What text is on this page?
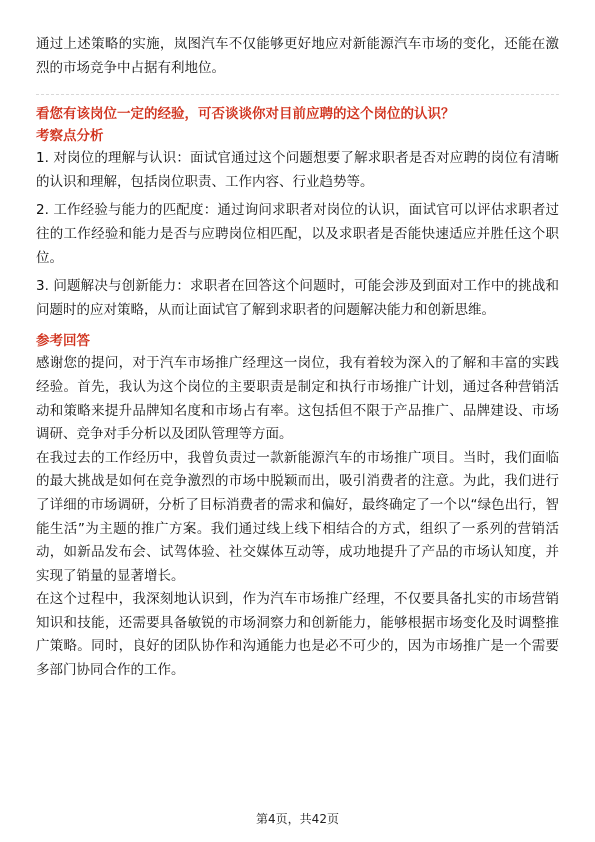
通过上述策略的实施，岚图汽车不仅能够更好地应对新能源汽车市场的变化，还能在激烈的市场竞争中占据有利地位。

看您有该岗位一定的经验，可否谈谈你对目前应聘的这个岗位的认识？

考察点分析

1. 对岗位的理解与认识：面试官通过这个问题想要了解求职者是否对应聘的岗位有清晰的认识和理解，包括岗位职责、工作内容、行业趋势等。

2. 工作经验与能力的匹配度：通过询问求职者对岗位的认识，面试官可以评估求职者过往的工作经验和能力是否与应聘岗位相匹配，以及求职者是否能快速适应并胜任这个职位。

3. 问题解决与创新能力：求职者在回答这个问题时，可能会涉及到面对工作中的挑战和问题时的应对策略，从而让面试官了解到求职者的问题解决能力和创新思维。

参考回答

感谢您的提问，对于汽车市场推广经理这一岗位，我有着较为深入的了解和丰富的实践经验。首先，我认为这个岗位的主要职责是制定和执行市场推广计划，通过各种营销活动和策略来提升品牌知名度和市场占有率。这包括但不限于产品推广、品牌建设、市场调研、竞争对手分析以及团队管理等方面。

在我过去的工作经历中，我曾负责过一款新能源汽车的市场推广项目。当时，我们面临的最大挑战是如何在竞争激烈的市场中脱颖而出，吸引消费者的注意。为此，我们进行了详细的市场调研，分析了目标消费者的需求和偏好，最终确定了一个以“绿色出行，智能生活”为主题的推广方案。我们通过线上线下相结合的方式，组织了一系列的营销活动，如新品发布会、试驾体验、社交媒体互动等，成功地提升了产品的市场认知度，并实现了销量的显著增长。

在这个过程中，我深刻地认识到，作为汽车市场推广经理，不仅要具备扎实的市场营销知识和技能，还需要具备敏锐的市场洞察力和创新能力，能够根据市场变化及时调整推广策略。同时，良好的团队协作和沟通能力也是必不可少的，因为市场推广是一个需要多部门协同合作的工作。

第4页，共42页
